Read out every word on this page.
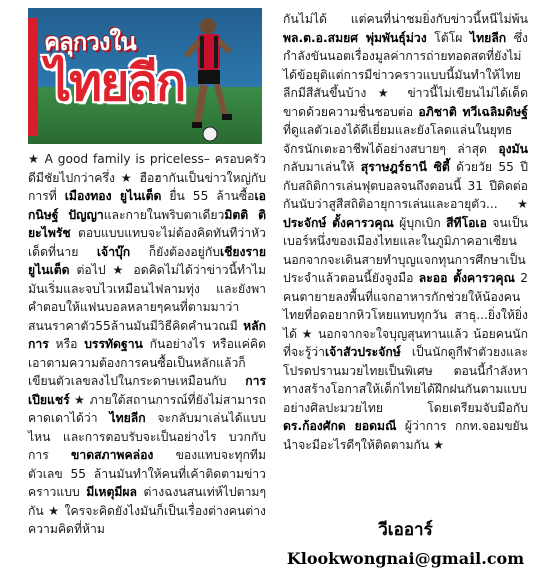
คลุกวงใน
ไทยลีก

★ A good family is priceless– ครอบครัวดีมีชัยไปกว่าครึ่ง ★ ฮือฮากันเป็นข่าวใหญ่กับการที่ เมืองทอง ยูไนเต็ด ยื่น 55 ล้านซื้อเอกนิษฐ์ ปัญญาและกายในพริบตาเดียวมิตติ ติยะไพรัช ตอบแบบแทบจะไม่ต้องคิดทันทีว่าหัวเด็ดที่นาย เจ้าบุ๊ก ก็ยังต้องอยู่กับเชียงราย ยูไนเต็ด ต่อไป ★ อดคิดไม่ได้ว่าข่าวนี้ทำไมมันเริ่มและจบไวเหมือนไฟลามทุ่ง และยังพาคำตอบให้แฟนบอลหลายๆคนที่ตามมาว่าสนนราคาตัว55ล้านมันมีวิธีคิดคำนวณมี หลักการ หรือ บรรทัดฐาน กันอย่างไร หรือแค่คิดเอาตามความต้องการคนซื้อเป็นหลักแล้วก็เขียนตัวเลขลงไปในกระดาษเหมือนกับ การเปียแชร์ ★ ภายใต้สถานการณ์ที่ยังไม่สามารถคาดเดาได้ว่า ไทยลีก จะกลับมาเล่นได้แบบไหน และการตอบรับจะเป็นอย่างไร บวกกับการ ขาดสภาพคล่อง ของแทบจะทุกทีม ตัวเลข 55 ล้านมันทำให้คนที่เค้าติดตามข่าวคราวแบบ มีเหตุมีผล ต่างฉงนสนเท่ห์ไปตามๆกัน ★ ใครจะคิดยังไงมันก็เป็นเรื่องต่างคนต่างความคิดที่ห้าม

กันไม่ได้ แต่คนที่น่าชมยิ่งกับข่าวนี้หนีไม่พ้น พล.ต.อ.สมยศ พุ่มพันธุ์ม่วง โต้โผ ไทยลีก ซึ่งกำลังขันนอตเรื่องมูลค่าการถ่ายทอดสดที่ยังไม่ได้ข้อยุติแต่การมีข่าวคราวแบบนี้มันทำให้ไทยลีกมีสีสันขึ้นบ้าง ★ ข่าวนี้ไม่เขียนไม่ได้เด็ดขาดด้วยความชื่นชอบต่อ อภิชาติ ทวีเฉลิมดิษฐ์ ที่ดูแลตัวเองได้ดีเยี่ยมและยังโลดแล่นในยุทธจักรนักเตะอาชีพได้อย่างสบายๆ ล่าสุด อุงมัน กลับมาเล่นให้ สุราษฎร์ธานี ซิตี้ ด้วยวัย 55 ปี กับสถิติการเล่นฟุตบอลจนถึงตอนนี้ 31 ปีติดต่อกันนับว่าสูสีสถิติอายุการเล่นและอายุตัว... ★ ประจักษ์ ตั้งคารวคุณ ผู้บุกเบิก สีทีโอเอ จนเป็นเบอร์หนึ่งของเมืองไทยและในภูมิภาคอาเซียน นอกจากจะเดินสายทำบุญแจกทุนการศึกษาเป็นประจำแล้วตอนนี้ยังจูงมือ ละออ ตั้งคารวคุณ 2 คนตายายลงพื้นที่แจกอาหารกักช่วยให้น้องคนไทยที่อดอยากหิวโหยแทบทุกวัน สาธุ...ยิ่งให้ยิ่งได้ ★ นอกจากจะใจบุญสุนทานแล้ว น้อยคนนักที่จะรู้ว่าเจ้าสัวประจักษ์ เป็นนักดูกีฬาตัวยงและโปรดปรานมวยไทยเป็นพิเศษ ตอนนี้กำลังหาทางสร้างโอกาสให้เด็กไทยได้ฝึกฝนกันตามแบบอย่างศิลปะมวยไทย โดยเตรียมจับมือกับ ดร.ก้องศักด ยอดมณี ผู้ว่าการ กกท.จอมขยันนำจะมีอะไรดีๆให้ติดตามกัน ★

วีเออาร์
Klookwongnai@gmail.com
